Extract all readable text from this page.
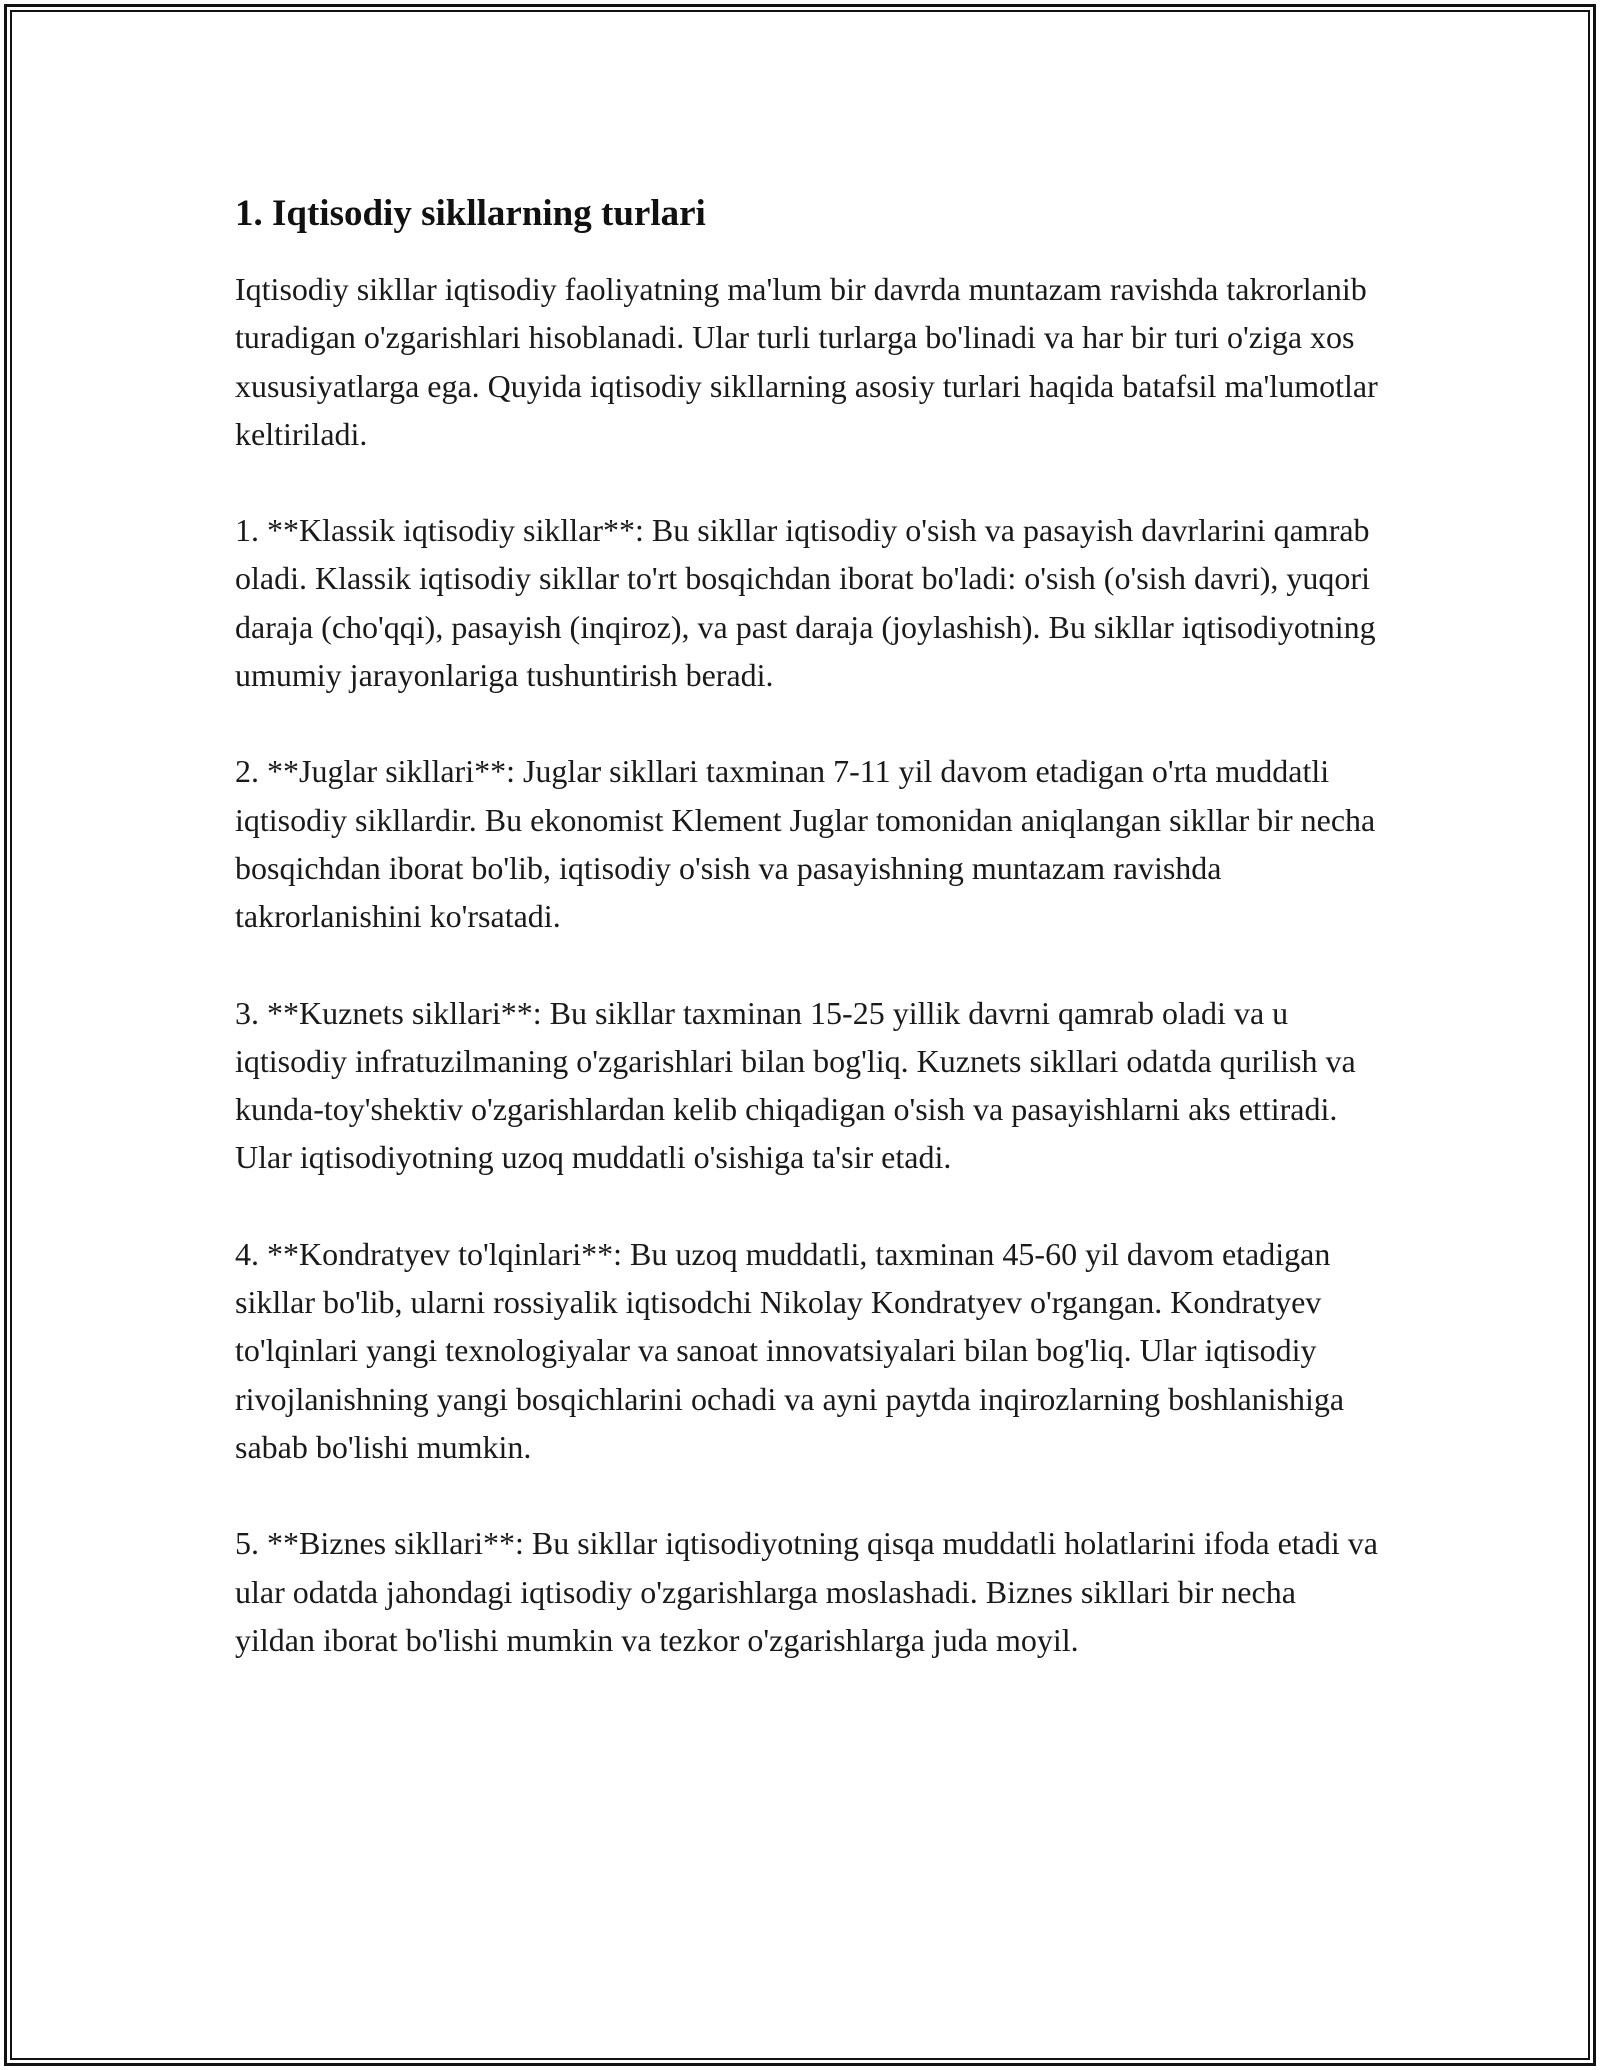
1. Iqtisodiy sikllarning turlari

Iqtisodiy sikllar iqtisodiy faoliyatning ma'lum bir davrda muntazam ravishda takrorlanib turadigan o'zgarishlari hisoblanadi. Ular turli turlarga bo'linadi va har bir turi o'ziga xos xususiyatlarga ega. Quyida iqtisodiy sikllarning asosiy turlari haqida batafsil ma'lumotlar keltiriladi.

1. **Klassik iqtisodiy sikllar**: Bu sikllar iqtisodiy o'sish va pasayish davrlarini qamrab oladi. Klassik iqtisodiy sikllar to'rt bosqichdan iborat bo'ladi: o'sish (o'sish davri), yuqori daraja (cho'qqi), pasayish (inqiroz), va past daraja (joylashish). Bu sikllar iqtisodiyotning umumiy jarayonlariga tushuntirish beradi.

2. **Juglar sikllari**: Juglar sikllari taxminan 7-11 yil davom etadigan o'rta muddatli iqtisodiy sikllardir. Bu ekonomist Klement Juglar tomonidan aniqlangan sikllar bir necha bosqichdan iborat bo'lib, iqtisodiy o'sish va pasayishning muntazam ravishda takrorlanishini ko'rsatadi.

3. **Kuznets sikllari**: Bu sikllar taxminan 15-25 yillik davrni qamrab oladi va u iqtisodiy infratuzilmaning o'zgarishlari bilan bog'liq. Kuznets sikllari odatda qurilish va kunda-toy'shektiv o'zgarishlardan kelib chiqadigan o'sish va pasayishlarni aks ettiradi. Ular iqtisodiyotning uzoq muddatli o'sishiga ta'sir etadi.

4. **Kondratyev to'lqinlari**: Bu uzoq muddatli, taxminan 45-60 yil davom etadigan sikllar bo'lib, ularni rossiyalik iqtisodchi Nikolay Kondratyev o'rgangan. Kondratyev to'lqinlari yangi texnologiyalar va sanoat innovatsiyalari bilan bog'liq. Ular iqtisodiy rivojlanishning yangi bosqichlarini ochadi va ayni paytda inqirozlarning boshlanishiga sabab bo'lishi mumkin.

5. **Biznes sikllari**: Bu sikllar iqtisodiyotning qisqa muddatli holatlarini ifoda etadi va ular odatda jahondagi iqtisodiy o'zgarishlarga moslashadi. Biznes sikllari bir necha yildan iborat bo'lishi mumkin va tezkor o'zgarishlarga juda moyil.
